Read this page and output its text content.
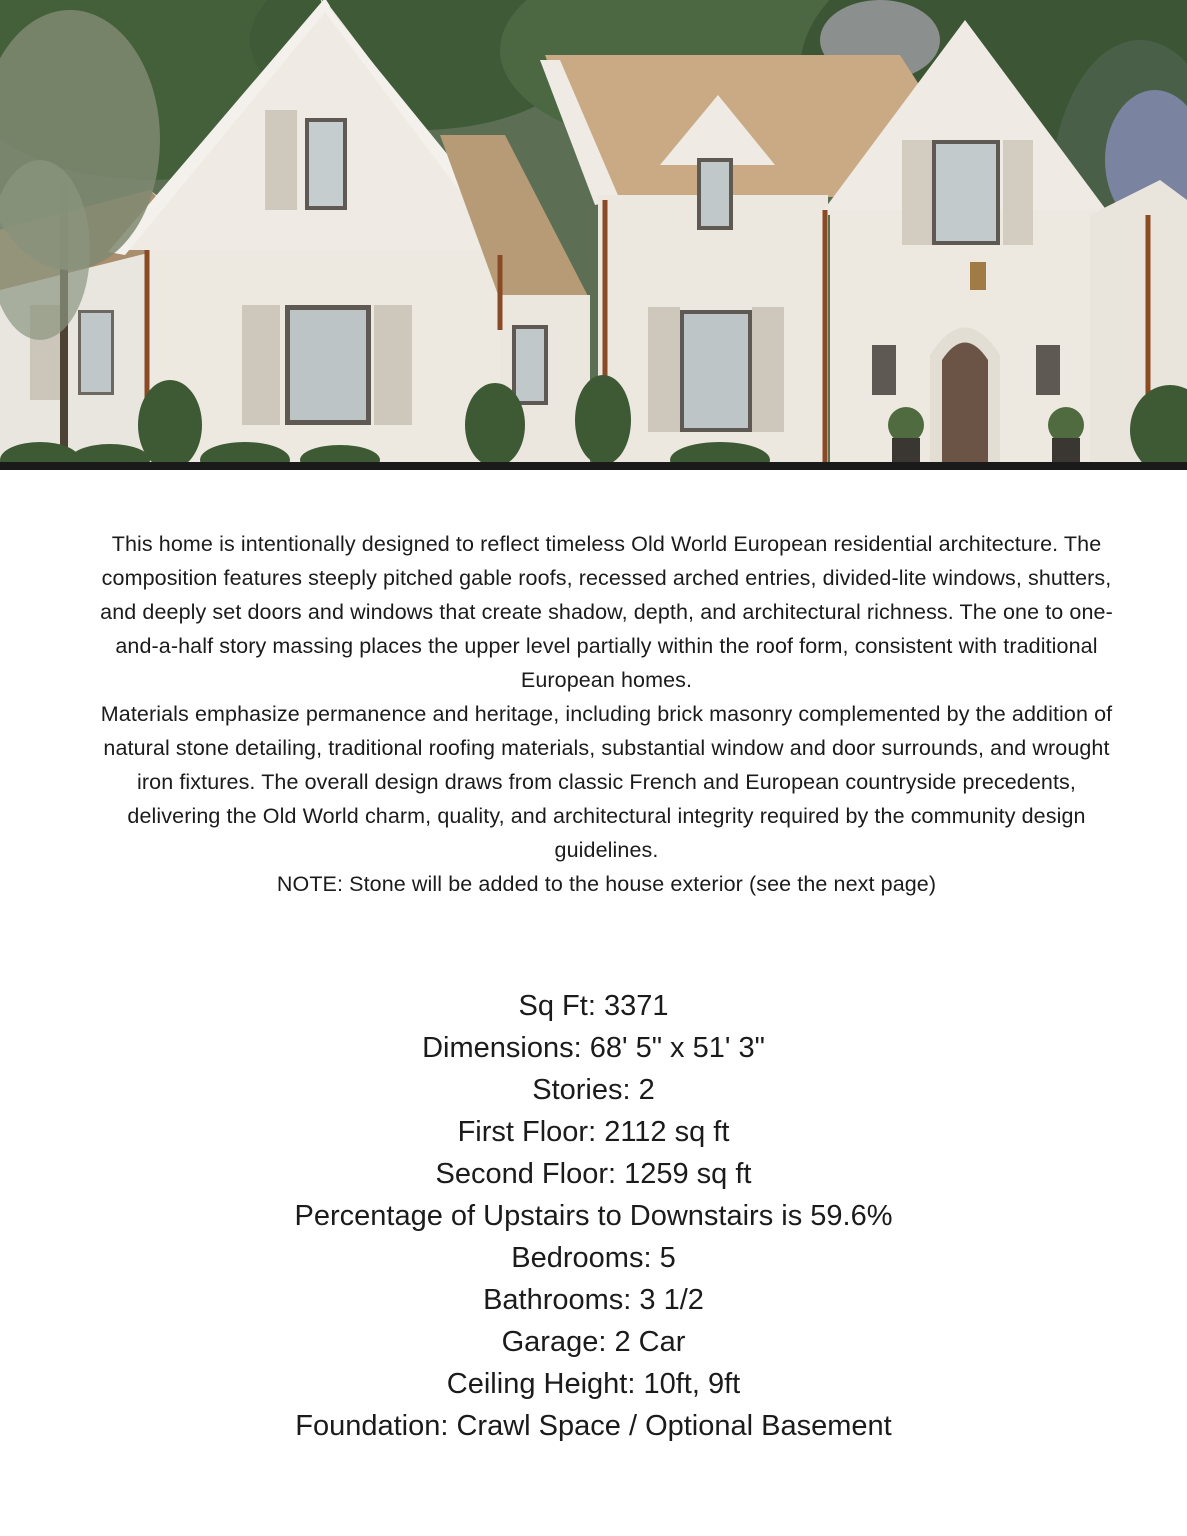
This home is intentionally designed to reflect timeless Old World European residential architecture. The composition features steeply pitched gable roofs, recessed arched entries, divided-lite windows, shutters, and deeply set doors and windows that create shadow, depth, and architectural richness. The one to one-and-a-half story massing places the upper level partially within the roof form, consistent with traditional European homes.

Materials emphasize permanence and heritage, including brick masonry complemented by the addition of natural stone detailing, traditional roofing materials, substantial window and door surrounds, and wrought iron fixtures. The overall design draws from classic French and European countryside precedents, delivering the Old World charm, quality, and architectural integrity required by the community design guidelines.

NOTE: Stone will be added to the house exterior (see the next page)

Sq Ft: 3371
Dimensions: 68' 5" x 51' 3"
Stories: 2
First Floor: 2112 sq ft
Second Floor: 1259 sq ft
Percentage of Upstairs to Downstairs is 59.6%
Bedrooms: 5
Bathrooms: 3 1/2
Garage: 2 Car
Ceiling Height: 10ft, 9ft
Foundation: Crawl Space / Optional Basement
